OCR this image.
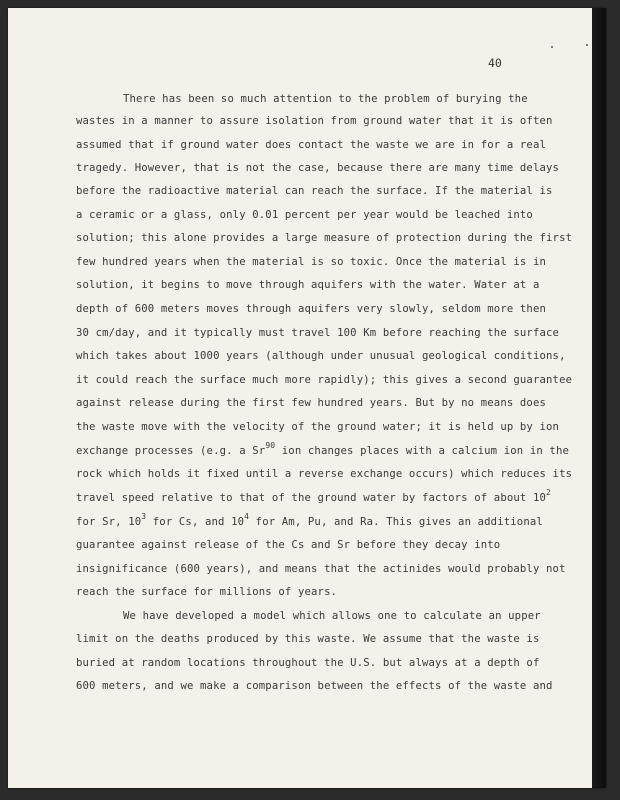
40
There has been so much attention to the problem of burying the
wastes in a manner to assure isolation from ground water that it is often
assumed that if ground water does contact the waste we are in for a real
tragedy. However, that is not the case, because there are many time delays
before the radioactive material can reach the surface. If the material is
a ceramic or a glass, only 0.01 percent per year would be leached into
solution; this alone provides a large measure of protection during the first
few hundred years when the material is so toxic. Once the material is in
solution, it begins to move through aquifers with the water. Water at a
depth of 600 meters moves through aquifers very slowly, seldom more then
30 cm/day, and it typically must travel 100 Km before reaching the surface
which takes about 1000 years (although under unusual geological conditions,
it could reach the surface much more rapidly); this gives a second guarantee
against release during the first few hundred years. But by no means does
the waste move with the velocity of the ground water; it is held up by ion
exchange processes (e.g. a Sr$^{90}$ ion changes places with a calcium ion in the
rock which holds it fixed until a reverse exchange occurs) which reduces its
travel speed relative to that of the ground water by factors of about $10^2$
for Sr, $10^3$ for Cs, and $10^4$ for Am, Pu, and Ra. This gives an additional
guarantee against release of the Cs and Sr before they decay into
insignificance (600 years), and means that the actinides would probably not
reach the surface for millions of years.
We have developed a model which allows one to calculate an upper
limit on the deaths produced by this waste. We assume that the waste is
buried at random locations throughout the U.S. but always at a depth of
600 meters, and we make a comparison between the effects of the waste and
